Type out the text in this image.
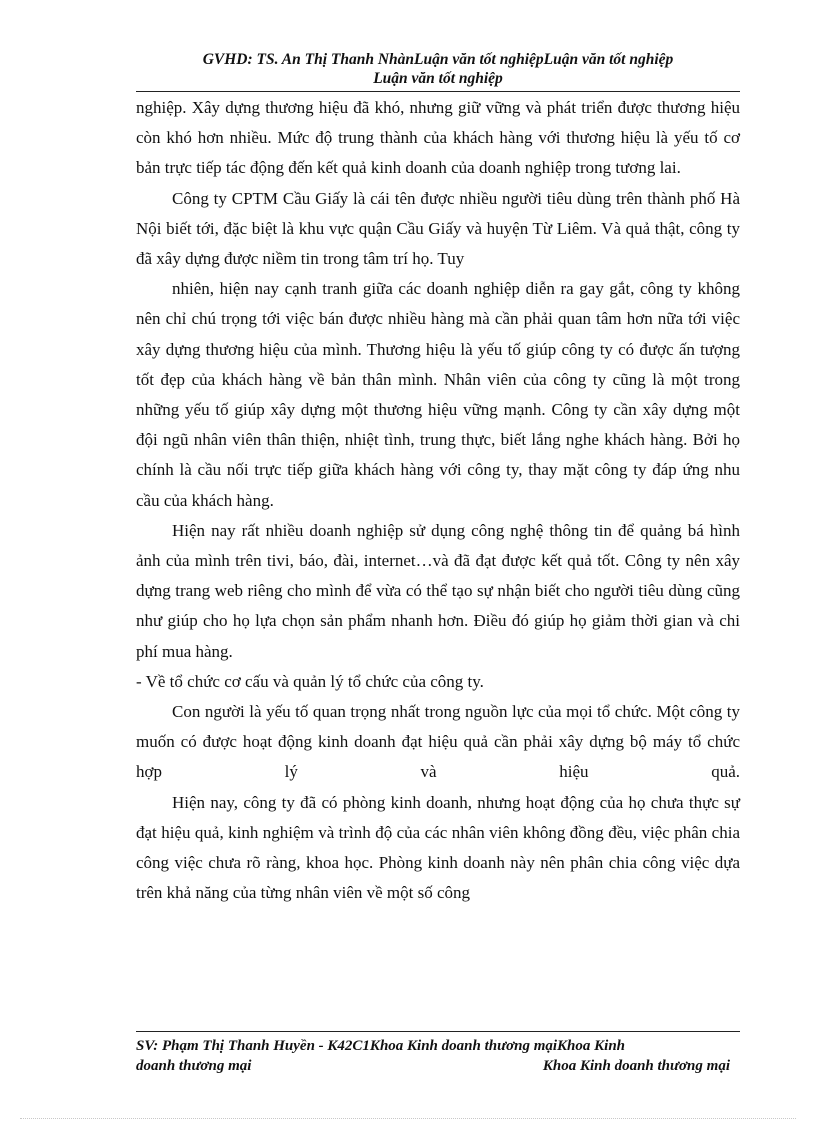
GVHD: TS. An Thị Thanh NhànLuận văn tốt nghiệpLuận văn tốt nghiệp
Luận văn tốt nghiệp

nghiệp. Xây dựng thương hiệu đã khó, nhưng giữ vững và phát triển được thương hiệu còn khó hơn nhiều. Mức độ trung thành của khách hàng với thương hiệu là yếu tố cơ bản trực tiếp tác động đến kết quả kinh doanh của doanh nghiệp trong tương lai.

Công ty CPTM Cầu Giấy là cái tên được nhiều người tiêu dùng trên thành phố Hà Nội biết tới, đặc biệt là khu vực quận Cầu Giấy và huyện Từ Liêm. Và quả thật, công ty đã xây dựng được niềm tin trong tâm trí họ. Tuy

nhiên, hiện nay cạnh tranh giữa các doanh nghiệp diễn ra gay gắt, công ty không nên chỉ chú trọng tới việc bán được nhiều hàng mà cần phải quan tâm hơn nữa tới việc xây dựng thương hiệu của mình. Thương hiệu là yếu tố giúp công ty có được ấn tượng tốt đẹp của khách hàng về bản thân mình. Nhân viên của công ty cũng là một trong những yếu tố giúp xây dựng một thương hiệu vững mạnh. Công ty cần xây dựng một đội ngũ nhân viên thân thiện, nhiệt tình, trung thực, biết lắng nghe khách hàng. Bởi họ chính là cầu nối trực tiếp giữa khách hàng với công ty, thay mặt công ty đáp ứng nhu cầu của khách hàng.

Hiện nay rất nhiều doanh nghiệp sử dụng công nghệ thông tin để quảng bá hình ảnh của mình trên tivi, báo, đài, internet…và đã đạt được kết quả tốt. Công ty nên xây dựng trang web riêng cho mình để vừa có thể tạo sự nhận biết cho người tiêu dùng cũng như giúp cho họ lựa chọn sản phẩm nhanh hơn. Điều đó giúp họ giảm thời gian và chi phí mua hàng.

- Về tổ chức cơ cấu và quản lý tổ chức của công ty.

Con người là yếu tố quan trọng nhất trong nguồn lực của mọi tổ chức. Một công ty muốn có được hoạt động kinh doanh đạt hiệu quả cần phải xây dựng bộ máy tổ chức hợp lý và hiệu quả.

Hiện nay, công ty đã có phòng kinh doanh, nhưng hoạt động của họ chưa thực sự đạt hiệu quả, kinh nghiệm và trình độ của các nhân viên không đồng đều, việc phân chia công việc chưa rõ ràng, khoa học. Phòng kinh doanh này nên phân chia công việc dựa trên khả năng của từng nhân viên về một số công

SV: Phạm Thị Thanh Huyền - K42C1Khoa Kinh doanh thương mạiKhoa Kinh
doanh thương mại	Khoa Kinh doanh thương mại
